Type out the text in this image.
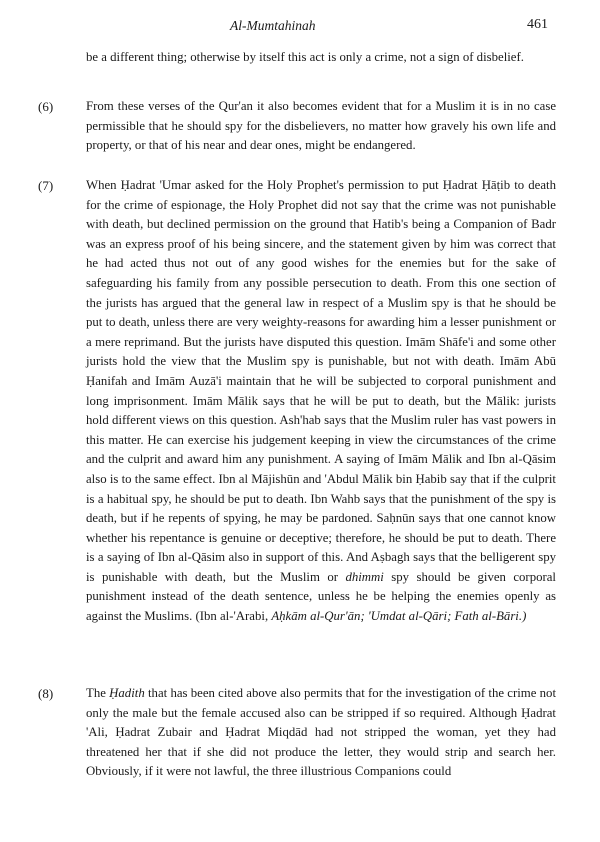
Al-Mumtahinah	461
be a different thing; otherwise by itself this act is only a crime, not a sign of disbelief.
(6)	From these verses of the Qur'an it also becomes evident that for a Muslim it is in no case permissible that he should spy for the disbelievers, no matter how gravely his own life and property, or that of his near and dear ones, might be endangered.
(7)	When Ḥadrat 'Umar asked for the Holy Prophet's permission to put Ḥadrat Ḥāṭib to death for the crime of espionage, the Holy Prophet did not say that the crime was not punishable with death, but declined permission on the ground that Hatib's being a Companion of Badr was an express proof of his being sincere, and the statement given by him was correct that he had acted thus not out of any good wishes for the enemies but for the sake of safeguarding his family from any possible persecution to death. From this one section of the jurists has argued that the general law in respect of a Muslim spy is that he should be put to death, unless there are very weighty-reasons for awarding him a lesser punishment or a mere reprimand. But the jurists have disputed this question. Imām Shāfe'i and some other jurists hold the view that the Muslim spy is punishable, but not with death. Imām Abū Ḥanifah and Imām Auzā'i maintain that he will be subjected to corporal punishment and long imprisonment. Imām Mālik says that he will be put to death, but the Mālik: jurists hold different views on this question. Ash'hab says that the Muslim ruler has vast powers in this matter. He can exercise his judgement keeping in view the circumstances of the crime and the culprit and award him any punishment. A saying of Imām Mālik and Ibn al-Qāsim also is to the same effect. Ibn al Mājishūn and 'Abdul Mālik bin Ḥabib say that if the culprit is a habitual spy, he should be put to death. Ibn Wahb says that the punishment of the spy is death, but if he repents of spying, he may be pardoned. Saḥnūn says that one cannot know whether his repentance is genuine or deceptive; therefore, he should be put to death. There is a saying of Ibn al-Qāsim also in support of this. And Aṣbagh says that the belligerent spy is punishable with death, but the Muslim or dhimmi spy should be given corporal punishment instead of the death sentence, unless he be helping the enemies openly as against the Muslims. (Ibn al-'Arabi, Aḥkām al-Qur'ān; 'Umdat al-Qāri; Fath al-Bāri.)
(8)	The Ḥadith that has been cited above also permits that for the investigation of the crime not only the male but the female accused also can be stripped if so required. Although Ḥadrat 'Ali, Ḥadrat Zubair and Ḥadrat Miqdād had not stripped the woman, yet they had threatened her that if she did not produce the letter, they would strip and search her. Obviously, if it were not lawful, the three illustrious Companions could
